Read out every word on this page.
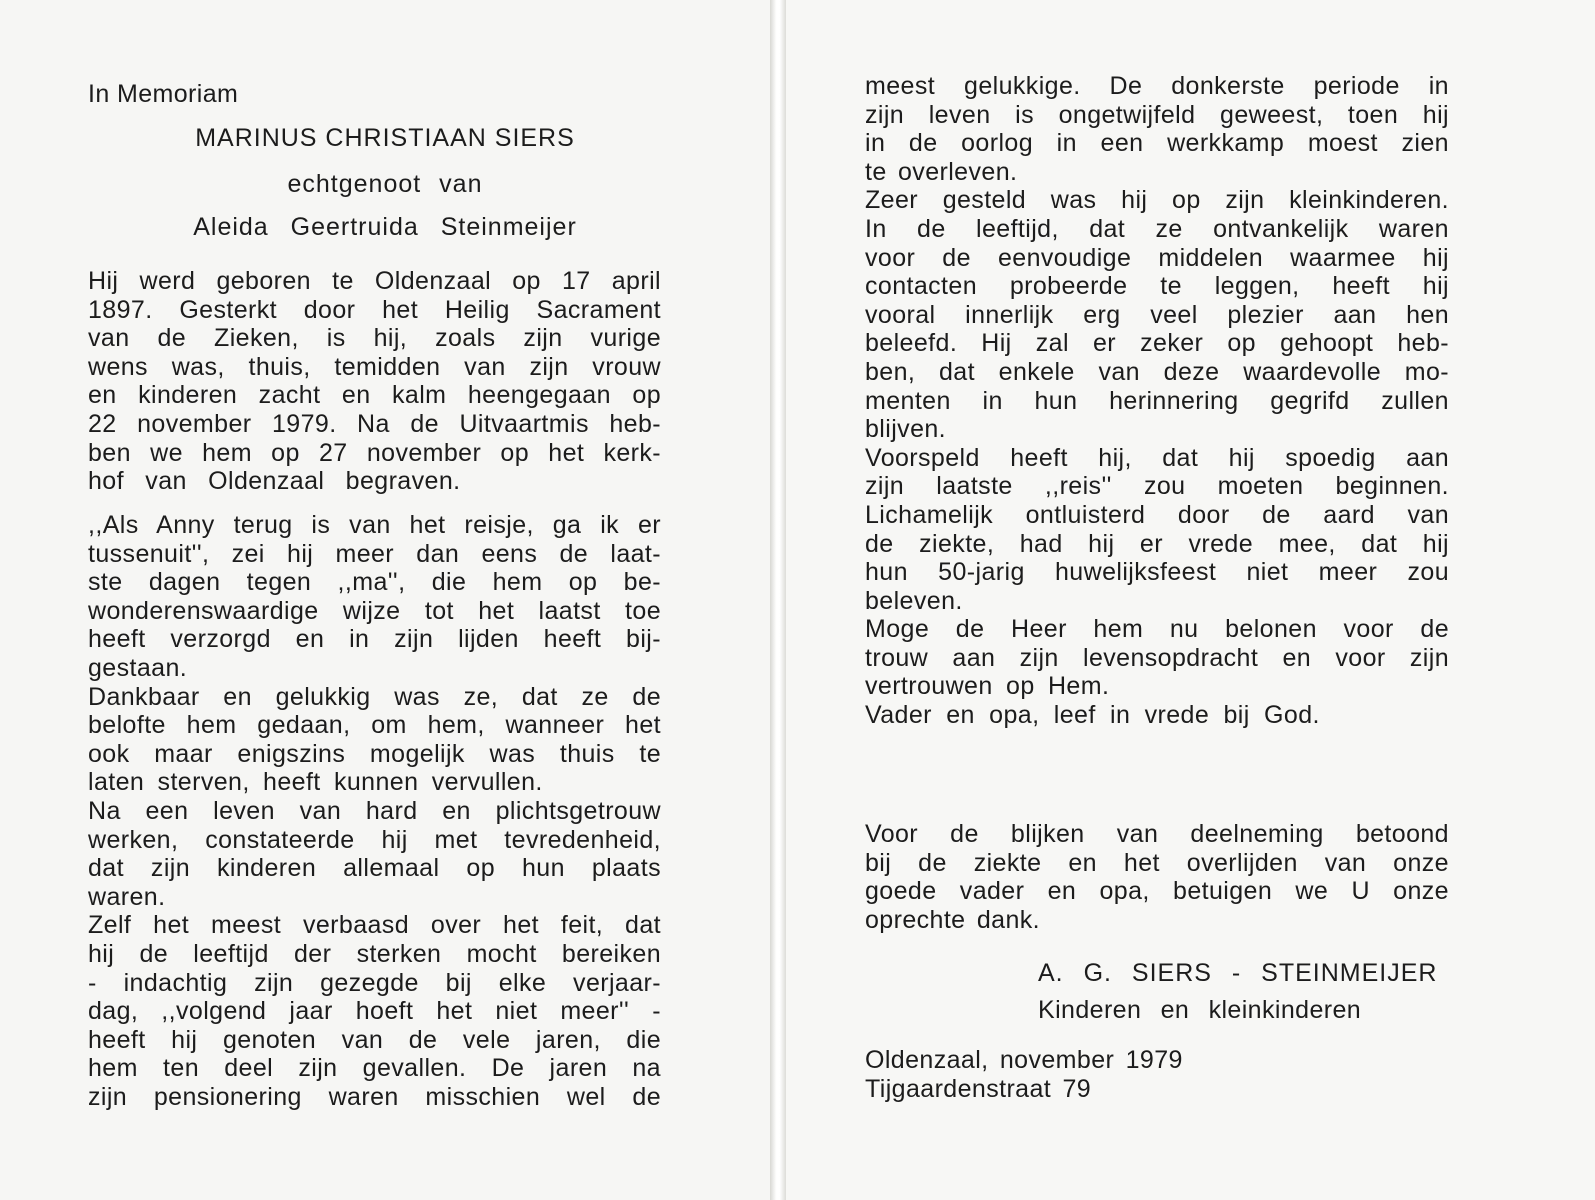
In Memoriam
MARINUS CHRISTIAAN SIERS
echtgenoot van
Aleida Geertruida Steinmeijer
Hij werd geboren te Oldenzaal op 17 april
1897. Gesterkt door het Heilig Sacrament
van de Zieken, is hij, zoals zijn vurige
wens was, thuis, temidden van zijn vrouw
en kinderen zacht en kalm heengegaan op
22 november 1979. Na de Uitvaartmis heb-
ben we hem op 27 november op het kerk-
hof van Oldenzaal begraven.
,,Als Anny terug is van het reisje, ga ik er
tussenuit'', zei hij meer dan eens de laat-
ste dagen tegen ,,ma'', die hem op be-
wonderenswaardige wijze tot het laatst toe
heeft verzorgd en in zijn lijden heeft bij-
gestaan.
Dankbaar en gelukkig was ze, dat ze de
belofte hem gedaan, om hem, wanneer het
ook maar enigszins mogelijk was thuis te
laten sterven, heeft kunnen vervullen.
Na een leven van hard en plichtsgetrouw
werken, constateerde hij met tevredenheid,
dat zijn kinderen allemaal op hun plaats
waren.
Zelf het meest verbaasd over het feit, dat
hij de leeftijd der sterken mocht bereiken
- indachtig zijn gezegde bij elke verjaar-
dag, ,,volgend jaar hoeft het niet meer'' -
heeft hij genoten van de vele jaren, die
hem ten deel zijn gevallen. De jaren na
zijn pensionering waren misschien wel de
meest gelukkige. De donkerste periode in
zijn leven is ongetwijfeld geweest, toen hij
in de oorlog in een werkkamp moest zien
te overleven.
Zeer gesteld was hij op zijn kleinkinderen.
In de leeftijd, dat ze ontvankelijk waren
voor de eenvoudige middelen waarmee hij
contacten probeerde te leggen, heeft hij
vooral innerlijk erg veel plezier aan hen
beleefd. Hij zal er zeker op gehoopt heb-
ben, dat enkele van deze waardevolle mo-
menten in hun herinnering gegrifd zullen
blijven.
Voorspeld heeft hij, dat hij spoedig aan
zijn laatste ,,reis'' zou moeten beginnen.
Lichamelijk ontluisterd door de aard van
de ziekte, had hij er vrede mee, dat hij
hun 50-jarig huwelijksfeest niet meer zou
beleven.
Moge de Heer hem nu belonen voor de
trouw aan zijn levensopdracht en voor zijn
vertrouwen op Hem.
Vader en opa, leef in vrede bij God.
Voor de blijken van deelneming betoond
bij de ziekte en het overlijden van onze
goede vader en opa, betuigen we U onze
oprechte dank.
A. G. SIERS - STEINMEIJER
Kinderen en kleinkinderen
Oldenzaal, november 1979
Tijgaardenstraat 79
